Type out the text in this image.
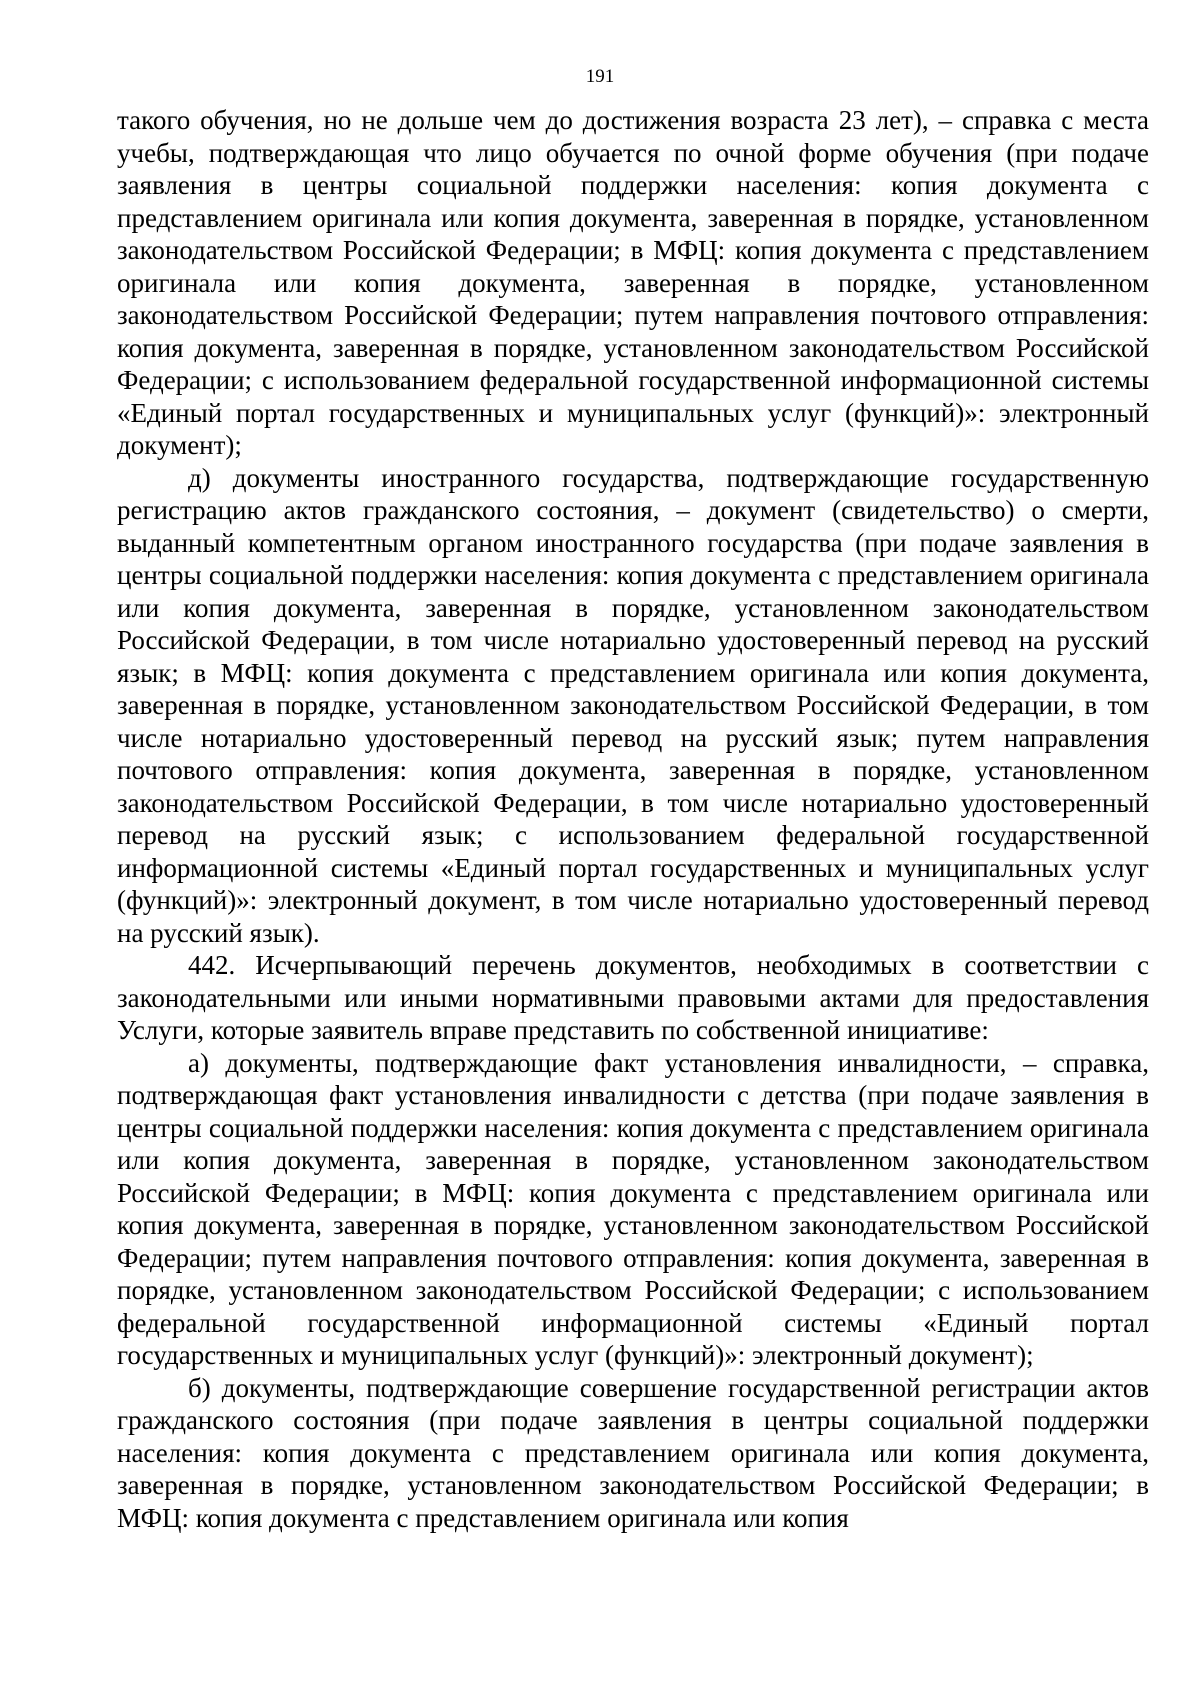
191

такого обучения, но не дольше чем до достижения возраста 23 лет), – справка с места учебы, подтверждающая что лицо обучается по очной форме обучения (при подаче заявления в центры социальной поддержки населения: копия документа с представлением оригинала или копия документа, заверенная в порядке, установленном законодательством Российской Федерации; в МФЦ: копия документа с представлением оригинала или копия документа, заверенная в порядке, установленном законодательством Российской Федерации; путем направления почтового отправления: копия документа, заверенная в порядке, установленном законодательством Российской Федерации; с использованием федеральной государственной информационной системы «Единый портал государственных и муниципальных услуг (функций)»: электронный документ);

д) документы иностранного государства, подтверждающие государственную регистрацию актов гражданского состояния, – документ (свидетельство) о смерти, выданный компетентным органом иностранного государства (при подаче заявления в центры социальной поддержки населения: копия документа с представлением оригинала или копия документа, заверенная в порядке, установленном законодательством Российской Федерации, в том числе нотариально удостоверенный перевод на русский язык; в МФЦ: копия документа с представлением оригинала или копия документа, заверенная в порядке, установленном законодательством Российской Федерации, в том числе нотариально удостоверенный перевод на русский язык; путем направления почтового отправления: копия документа, заверенная в порядке, установленном законодательством Российской Федерации, в том числе нотариально удостоверенный перевод на русский язык; с использованием федеральной государственной информационной системы «Единый портал государственных и муниципальных услуг (функций)»: электронный документ, в том числе нотариально удостоверенный перевод на русский язык).

442. Исчерпывающий перечень документов, необходимых в соответствии с законодательными или иными нормативными правовыми актами для предоставления Услуги, которые заявитель вправе представить по собственной инициативе:

а) документы, подтверждающие факт установления инвалидности, – справка, подтверждающая факт установления инвалидности с детства (при подаче заявления в центры социальной поддержки населения: копия документа с представлением оригинала или копия документа, заверенная в порядке, установленном законодательством Российской Федерации; в МФЦ: копия документа с представлением оригинала или копия документа, заверенная в порядке, установленном законодательством Российской Федерации; путем направления почтового отправления: копия документа, заверенная в порядке, установленном законодательством Российской Федерации; с использованием федеральной государственной информационной системы «Единый портал государственных и муниципальных услуг (функций)»: электронный документ);

б) документы, подтверждающие совершение государственной регистрации актов гражданского состояния (при подаче заявления в центры социальной поддержки населения: копия документа с представлением оригинала или копия документа, заверенная в порядке, установленном законодательством Российской Федерации; в МФЦ: копия документа с представлением оригинала или копия
